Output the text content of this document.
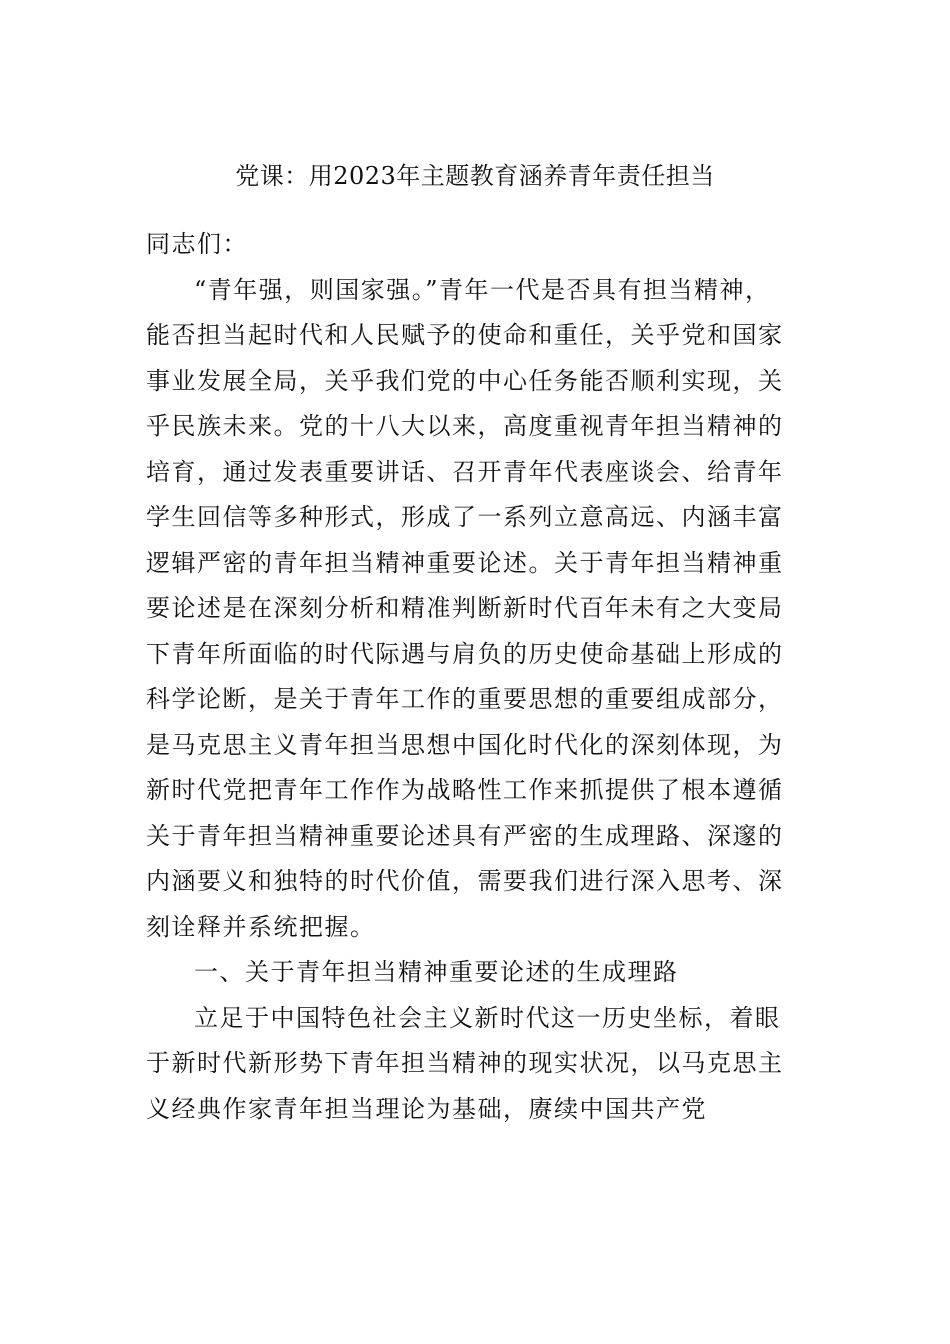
党课：用2023年主题教育涵养青年责任担当

同志们：

“青年强，则国家强。”青年一代是否具有担当精神，
能否担当起时代和人民赋予的使命和重任，关乎党和国家
事业发展全局，关乎我们党的中心任务能否顺利实现，关
乎民族未来。党的十八大以来，高度重视青年担当精神的
培育，通过发表重要讲话、召开青年代表座谈会、给青年
学生回信等多种形式，形成了一系列立意高远、内涵丰富
逻辑严密的青年担当精神重要论述。关于青年担当精神重
要论述是在深刻分析和精准判断新时代百年未有之大变局
下青年所面临的时代际遇与肩负的历史使命基础上形成的
科学论断，是关于青年工作的重要思想的重要组成部分，
是马克思主义青年担当思想中国化时代化的深刻体现，为
新时代党把青年工作作为战略性工作来抓提供了根本遵循
关于青年担当精神重要论述具有严密的生成理路、深邃的
内涵要义和独特的时代价值，需要我们进行深入思考、深
刻诠释并系统把握。

一、关于青年担当精神重要论述的生成理路

立足于中国特色社会主义新时代这一历史坐标，着眼
于新时代新形势下青年担当精神的现实状况，以马克思主
义经典作家青年担当理论为基础，赓续中国共产党
